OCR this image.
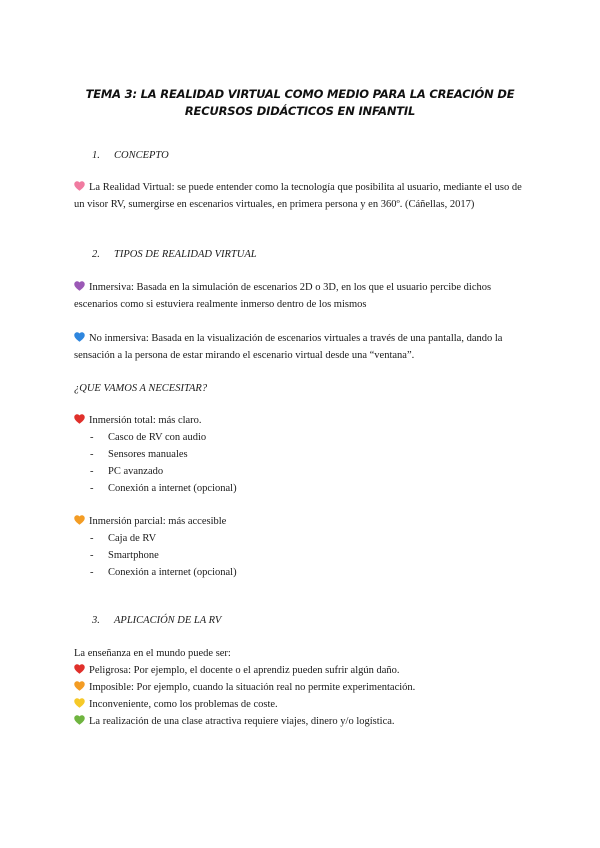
TEMA 3: LA REALIDAD VIRTUAL COMO MEDIO PARA LA CREACIÓN DE
RECURSOS DIDÁCTICOS EN INFANTIL
1. CONCEPTO
La Realidad Virtual: se puede entender como la tecnología que posibilita al usuario, mediante el uso de
un visor RV, sumergirse en escenarios virtuales, en primera persona y en 360º. (Cáñellas, 2017)
2. TIPOS DE REALIDAD VIRTUAL
Inmersiva: Basada en la simulación de escenarios 2D o 3D, en los que el usuario percibe dichos
escenarios como si estuviera realmente inmerso dentro de los mismos
No inmersiva: Basada en la visualización de escenarios virtuales a través de una pantalla, dando la
sensación a la persona de estar mirando el escenario virtual desde una “ventana”.
¿QUE VAMOS A NECESITAR?
Inmersión total: más claro.
- Casco de RV con audio
- Sensores manuales
- PC avanzado
- Conexión a internet (opcional)
Inmersión parcial: más accesible
- Caja de RV
- Smartphone
- Conexión a internet (opcional)
3. APLICACIÓN DE LA RV
La enseñanza en el mundo puede ser:
Peligrosa: Por ejemplo, el docente o el aprendiz pueden sufrir algún daño.
Imposible: Por ejemplo, cuando la situación real no permite experimentación.
Inconveniente, como los problemas de coste.
La realización de una clase atractiva requiere viajes, dinero y/o logística.
